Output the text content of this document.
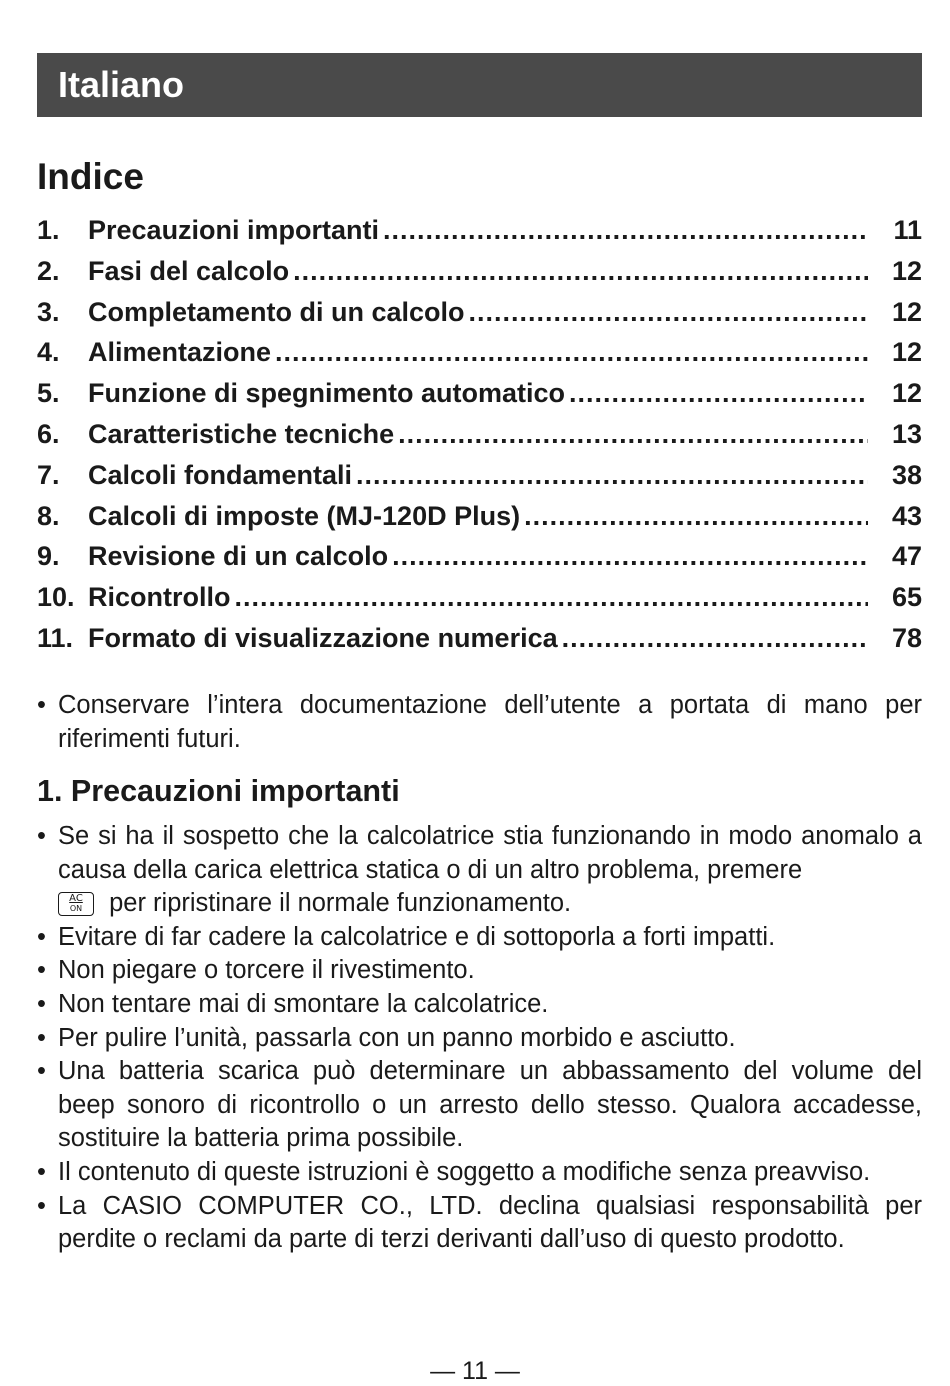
Italiano
Indice
1.	Precauzioni importanti .....	11
2.	Fasi del calcolo .....	12
3.	Completamento di un calcolo .....	12
4.	Alimentazione .....	12
5.	Funzione di spegnimento automatico .....	12
6.	Caratteristiche tecniche .....	13
7.	Calcoli fondamentali .....	38
8.	Calcoli di imposte (MJ-120D Plus) .....	43
9.	Revisione di un calcolo .....	47
10. Ricontrollo .....	65
11. Formato di visualizzazione numerica .....	78
• Conservare l’intera documentazione dell’utente a portata di mano per riferimenti futuri.
1. Precauzioni importanti
• Se si ha il sospetto che la calcolatrice stia funzionando in modo anomalo a causa della carica elettrica statica o di un altro problema, premere

AC
ON	per ripristinare il normale funzionamento.
• Evitare di far cadere la calcolatrice e di sottoporla a forti impatti.
• Non piegare o torcere il rivestimento.
• Non tentare mai di smontare la calcolatrice.
• Per pulire l’unità, passarla con un panno morbido e asciutto.
• Una batteria scarica può determinare un abbassamento del volume del beep sonoro di ricontrollo o un arresto dello stesso. Qualora accadesse, sostituire la batteria prima possibile.
• Il contenuto di queste istruzioni è soggetto a modifiche senza preavviso.
• La CASIO COMPUTER CO., LTD. declina qualsiasi responsabilità per perdite o reclami da parte di terzi derivanti dall’uso di questo prodotto.
— 11 —
